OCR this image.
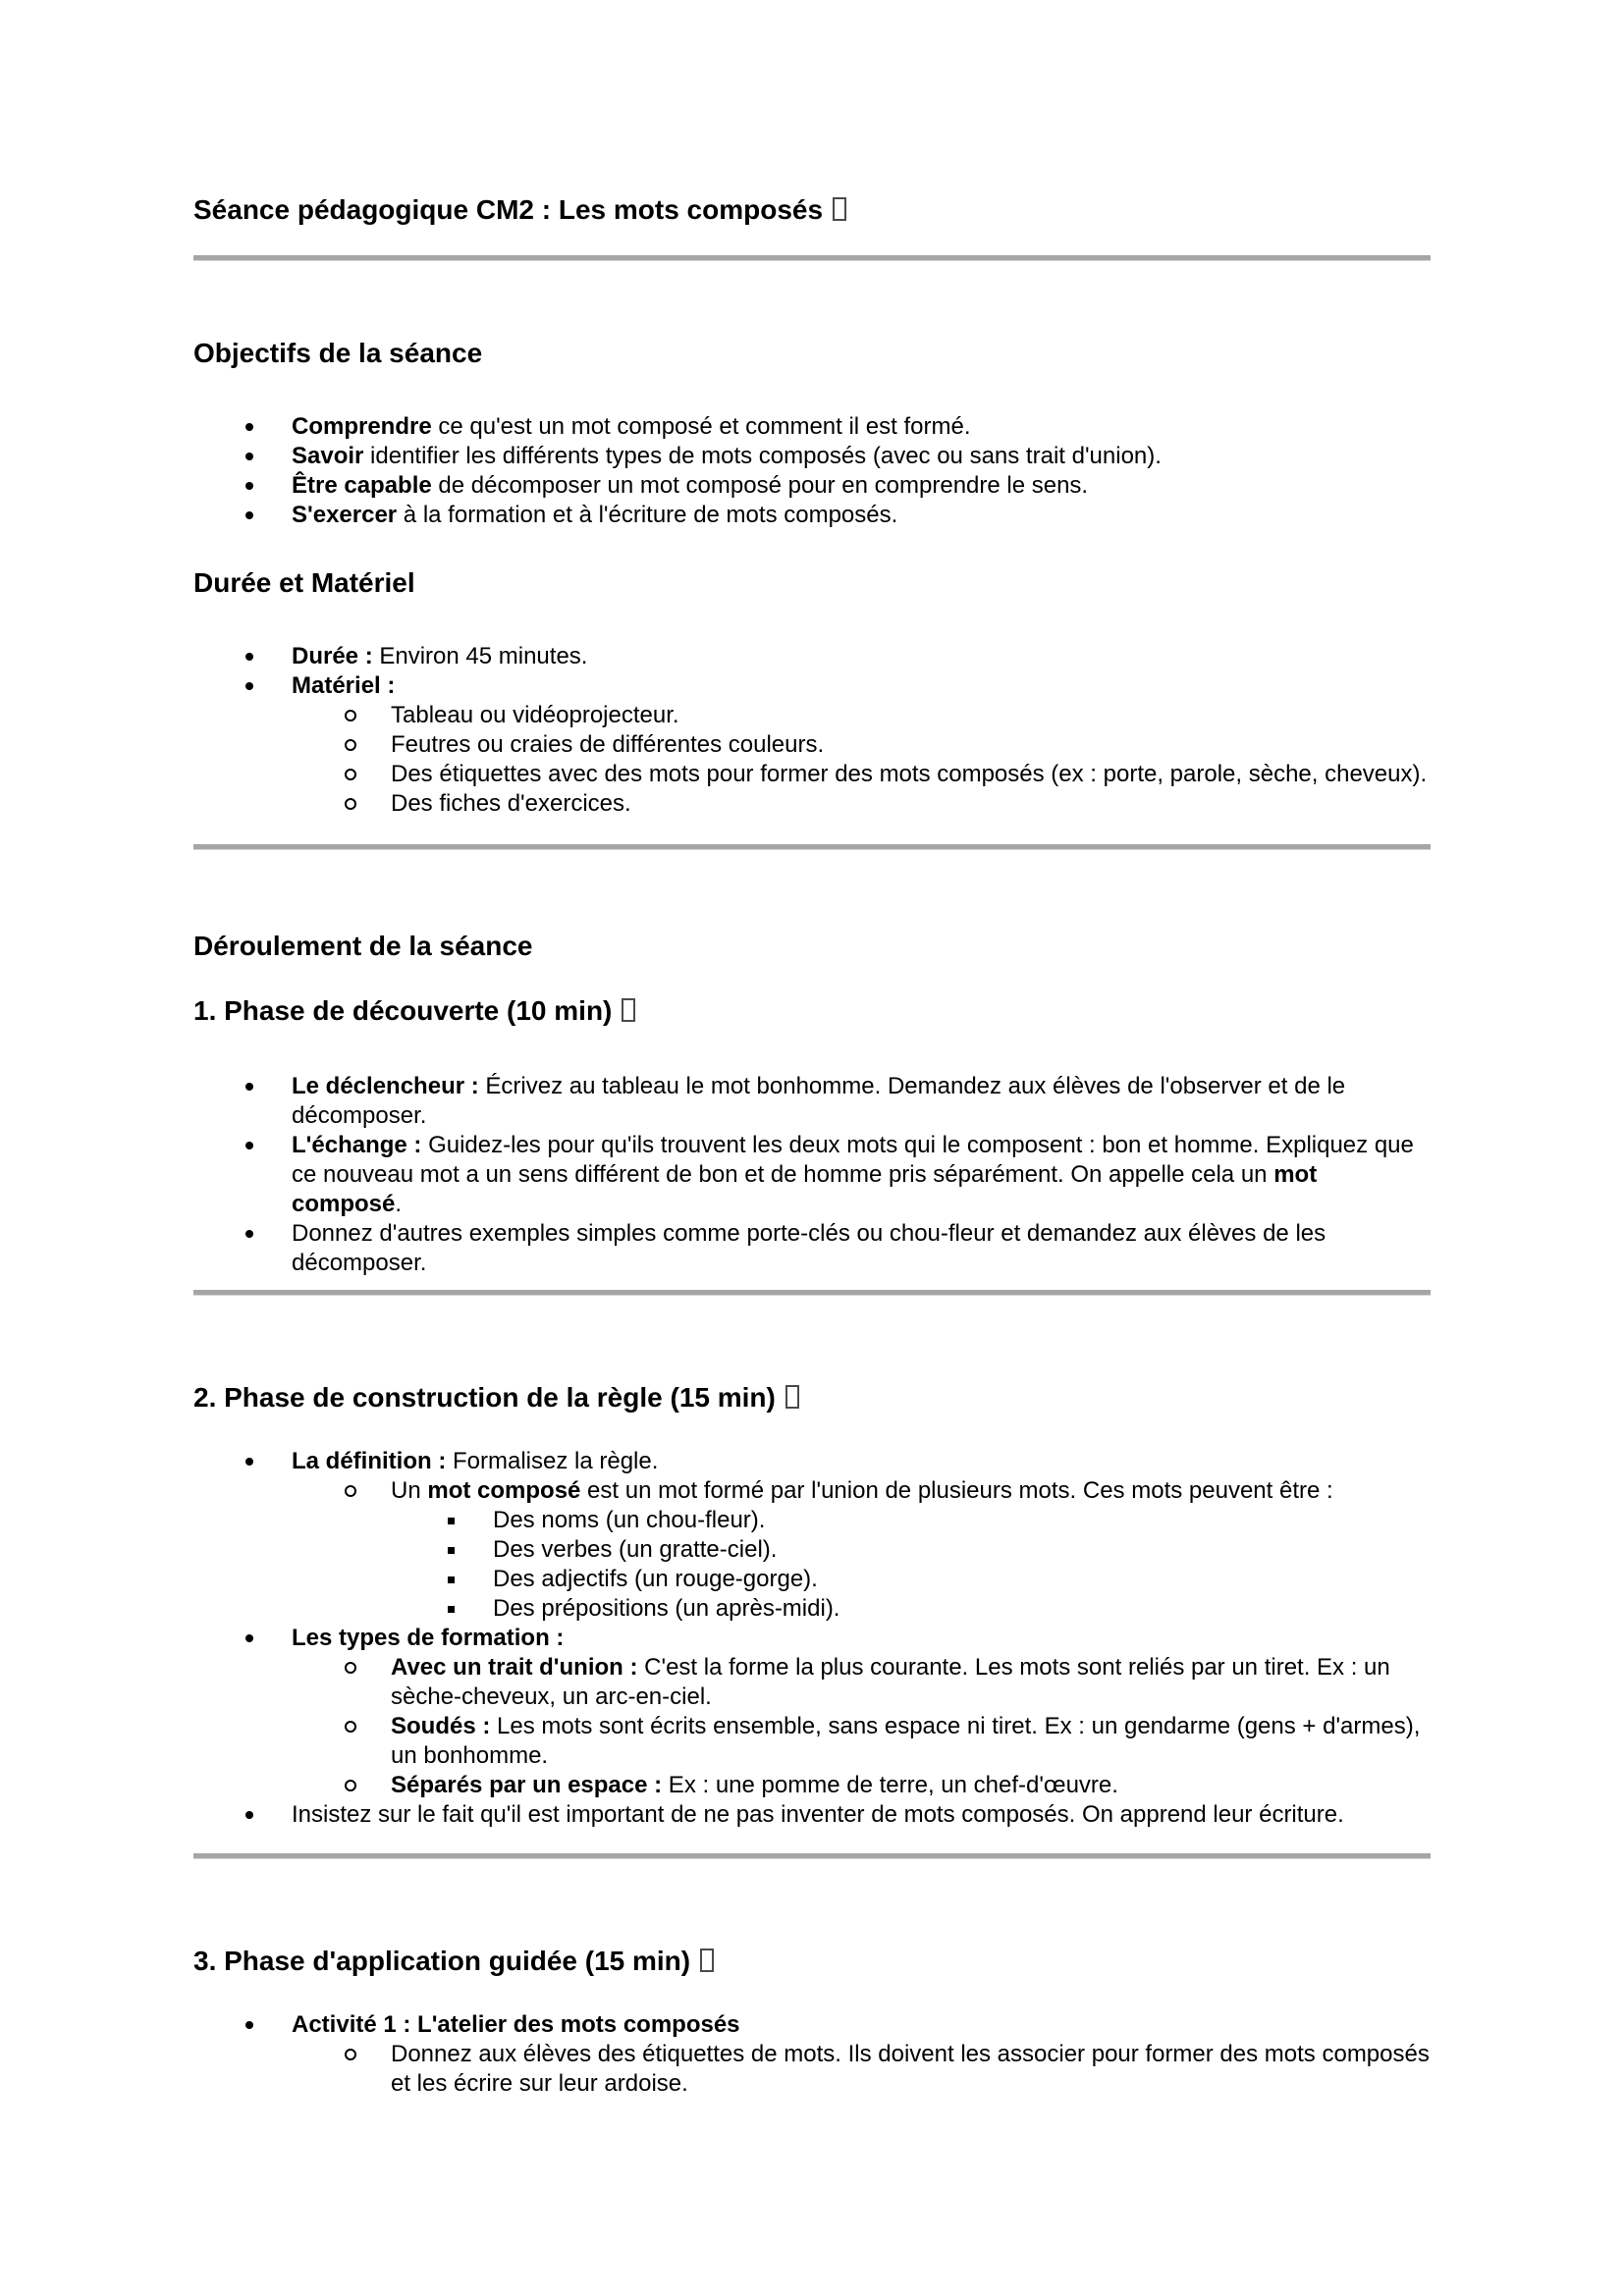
Séance pédagogique CM2 : Les mots composés
Objectifs de la séance
Comprendre ce qu'est un mot composé et comment il est formé.
Savoir identifier les différents types de mots composés (avec ou sans trait d'union).
Être capable de décomposer un mot composé pour en comprendre le sens.
S'exercer à la formation et à l'écriture de mots composés.
Durée et Matériel
Durée : Environ 45 minutes.
Matériel :
Tableau ou vidéoprojecteur.
Feutres ou craies de différentes couleurs.
Des étiquettes avec des mots pour former des mots composés (ex : porte, parole, sèche, cheveux).
Des fiches d'exercices.
Déroulement de la séance
1. Phase de découverte (10 min)
Le déclencheur : Écrivez au tableau le mot bonhomme. Demandez aux élèves de l'observer et de le décomposer.
L'échange : Guidez-les pour qu'ils trouvent les deux mots qui le composent : bon et homme. Expliquez que ce nouveau mot a un sens différent de bon et de homme pris séparément. On appelle cela un mot composé.
Donnez d'autres exemples simples comme porte-clés ou chou-fleur et demandez aux élèves de les décomposer.
2. Phase de construction de la règle (15 min)
La définition : Formalisez la règle.
Un mot composé est un mot formé par l'union de plusieurs mots. Ces mots peuvent être :
Des noms (un chou-fleur).
Des verbes (un gratte-ciel).
Des adjectifs (un rouge-gorge).
Des prépositions (un après-midi).
Les types de formation :
Avec un trait d'union : C'est la forme la plus courante. Les mots sont reliés par un tiret. Ex : un sèche-cheveux, un arc-en-ciel.
Soudés : Les mots sont écrits ensemble, sans espace ni tiret. Ex : un gendarme (gens + d'armes), un bonhomme.
Séparés par un espace : Ex : une pomme de terre, un chef-d'œuvre.
Insistez sur le fait qu'il est important de ne pas inventer de mots composés. On apprend leur écriture.
3. Phase d'application guidée (15 min)
Activité 1 : L'atelier des mots composés
Donnez aux élèves des étiquettes de mots. Ils doivent les associer pour former des mots composés et les écrire sur leur ardoise.
